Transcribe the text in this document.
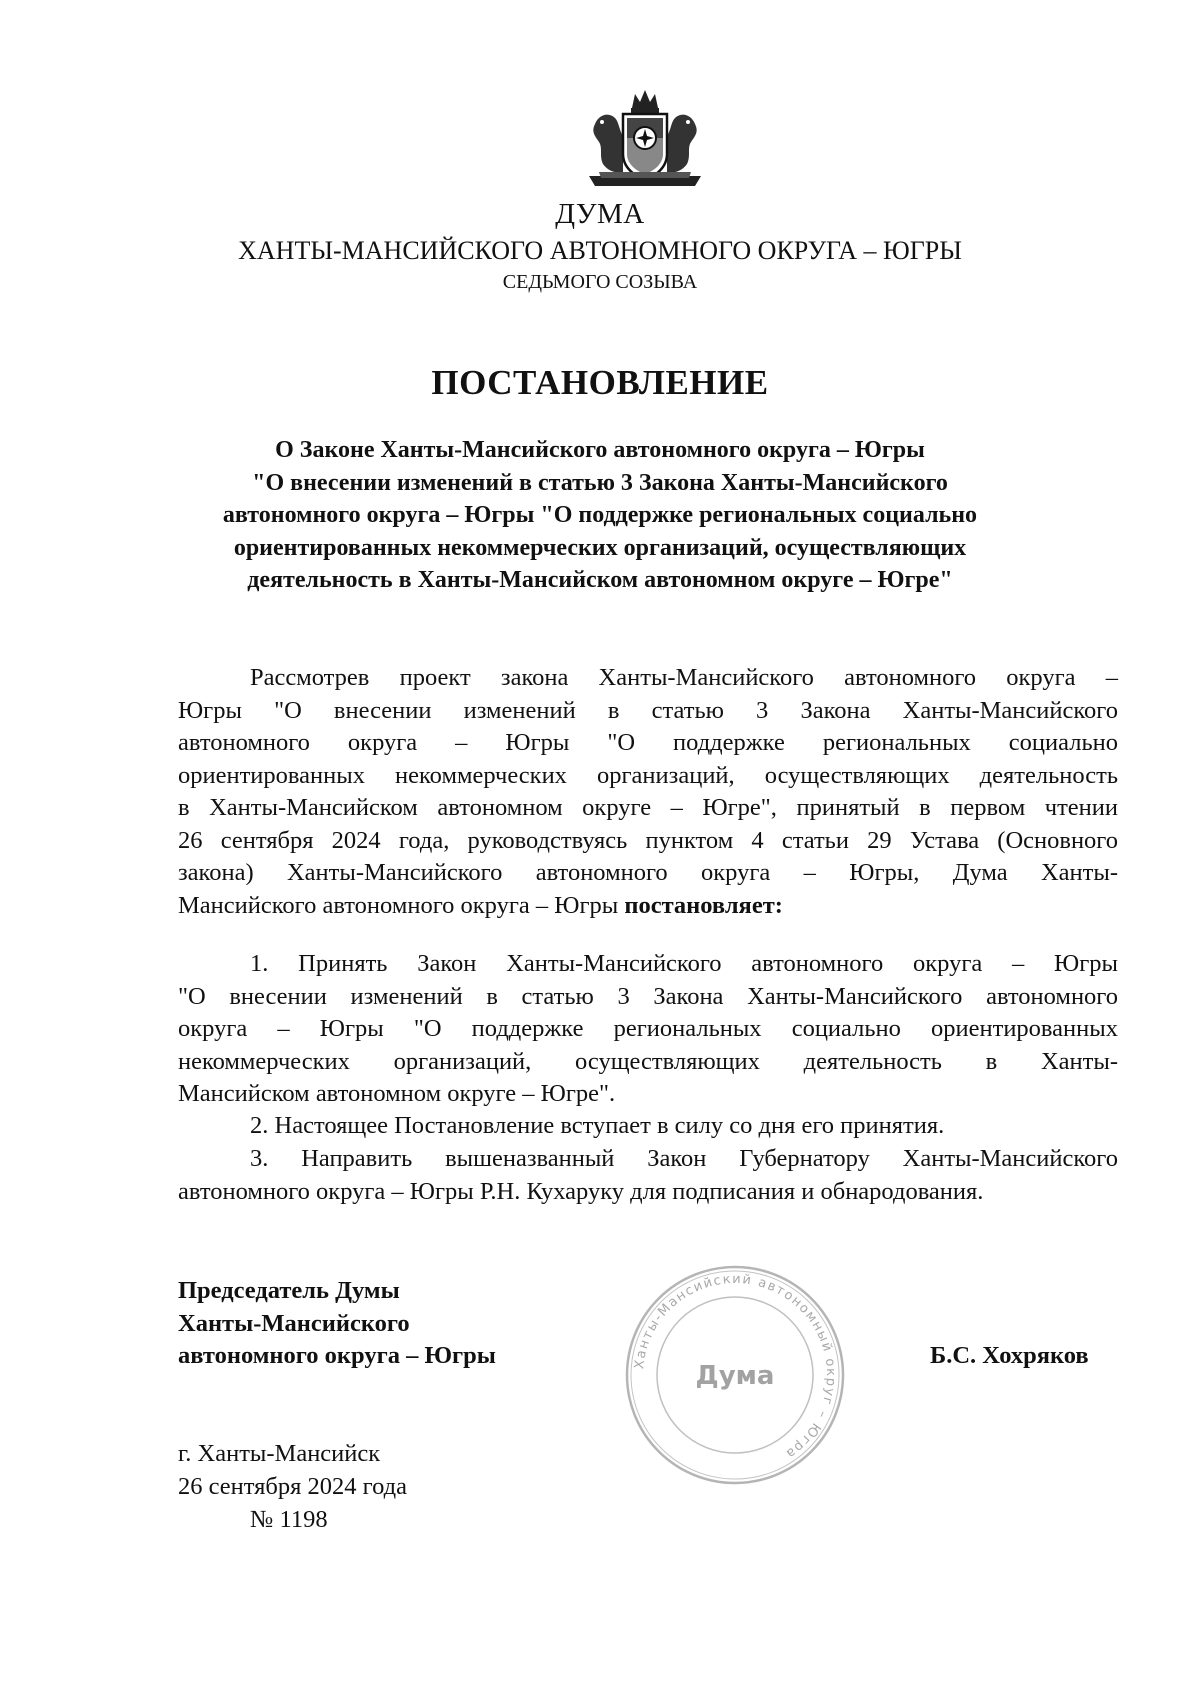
ДУМА
ХАНТЫ-МАНСИЙСКОГО АВТОНОМНОГО ОКРУГА – ЮГРЫ
СЕДЬМОГО СОЗЫВА
ПОСТАНОВЛЕНИЕ
О Законе Ханты-Мансийского автономного округа – Югры
"О внесении изменений в статью 3 Закона Ханты-Мансийского
автономного округа – Югры "О поддержке региональных социально
ориентированных некоммерческих организаций, осуществляющих
деятельность в Ханты-Мансийском автономном округе – Югре"
Рассмотрев проект закона Ханты-Мансийского автономного округа –
Югры "О внесении изменений в статью 3 Закона Ханты-Мансийского
автономного округа – Югры "О поддержке региональных социально
ориентированных некоммерческих организаций, осуществляющих деятельность
в Ханты-Мансийском автономном округе – Югре", принятый в первом чтении
26 сентября 2024 года, руководствуясь пунктом 4 статьи 29 Устава (Основного
закона) Ханты-Мансийского автономного округа – Югры, Дума Ханты-
Мансийского автономного округа – Югры постановляет:
1. Принять Закон Ханты-Мансийского автономного округа – Югры
"О внесении изменений в статью 3 Закона Ханты-Мансийского автономного
округа – Югры "О поддержке региональных социально ориентированных
некоммерческих организаций, осуществляющих деятельность в Ханты-
Мансийском автономном округе – Югре".
2. Настоящее Постановление вступает в силу со дня его принятия.
3. Направить вышеназванный Закон Губернатору Ханты-Мансийского
автономного округа – Югры Р.Н. Кухаруку для подписания и обнародования.
Председатель Думы
Ханты-Мансийского
автономного округа – Югры	Ханты-Мансийский автономный округ – Югра
Дума
Б.С. Хохряков
г. Ханты-Мансийск
26 сентября 2024 года
№ 1198
